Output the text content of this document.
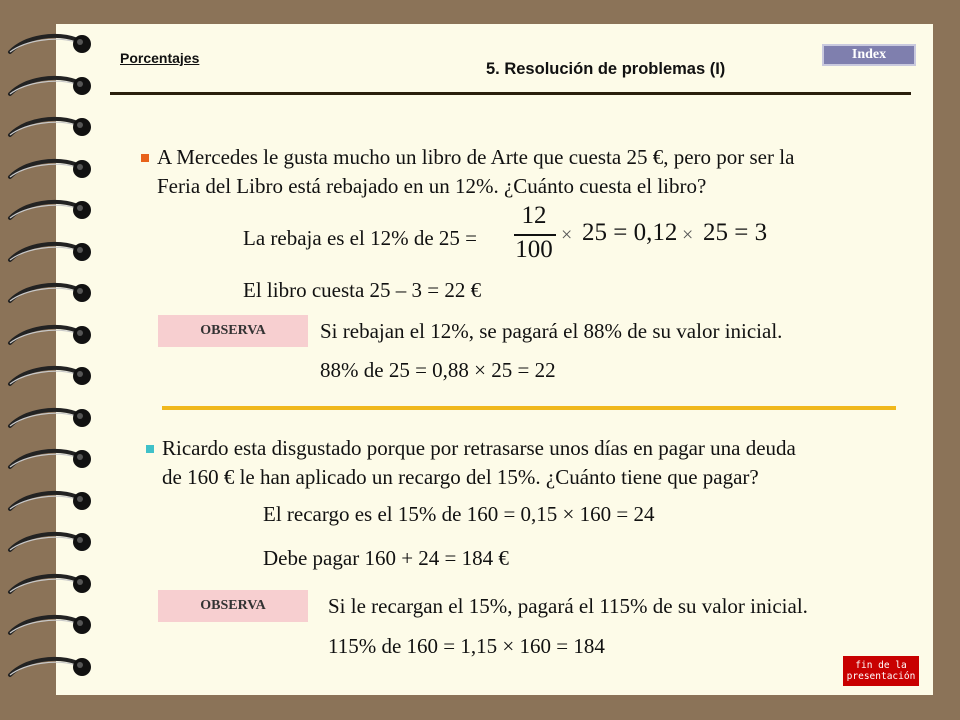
Porcentajes
5. Resolución de problemas (I)
Index
A Mercedes le gusta mucho un libro de Arte que cuesta 25 €, pero por ser la
Feria del Libro está rebajado en un 12%. ¿Cuánto cuesta el libro?
La rebaja es el 12% de 25 =
12
100
× 25 = 0,12 × 25 = 3
El libro cuesta 25 – 3 = 22 €
OBSERVA	Si rebajan el 12%, se pagará el 88% de su valor inicial.
88% de 25 = 0,88 × 25 = 22
Ricardo esta disgustado porque por retrasarse unos días en pagar una deuda
de 160 € le han aplicado un recargo del 15%. ¿Cuánto tiene que pagar?
El recargo es el 15% de 160 = 0,15 × 160 = 24
Debe pagar 160 + 24 = 184 €
OBSERVA	Si le recargan el 15%, pagará el 115% de su valor inicial.
115% de 160 = 1,15 × 160 = 184
fin de la
presentación
